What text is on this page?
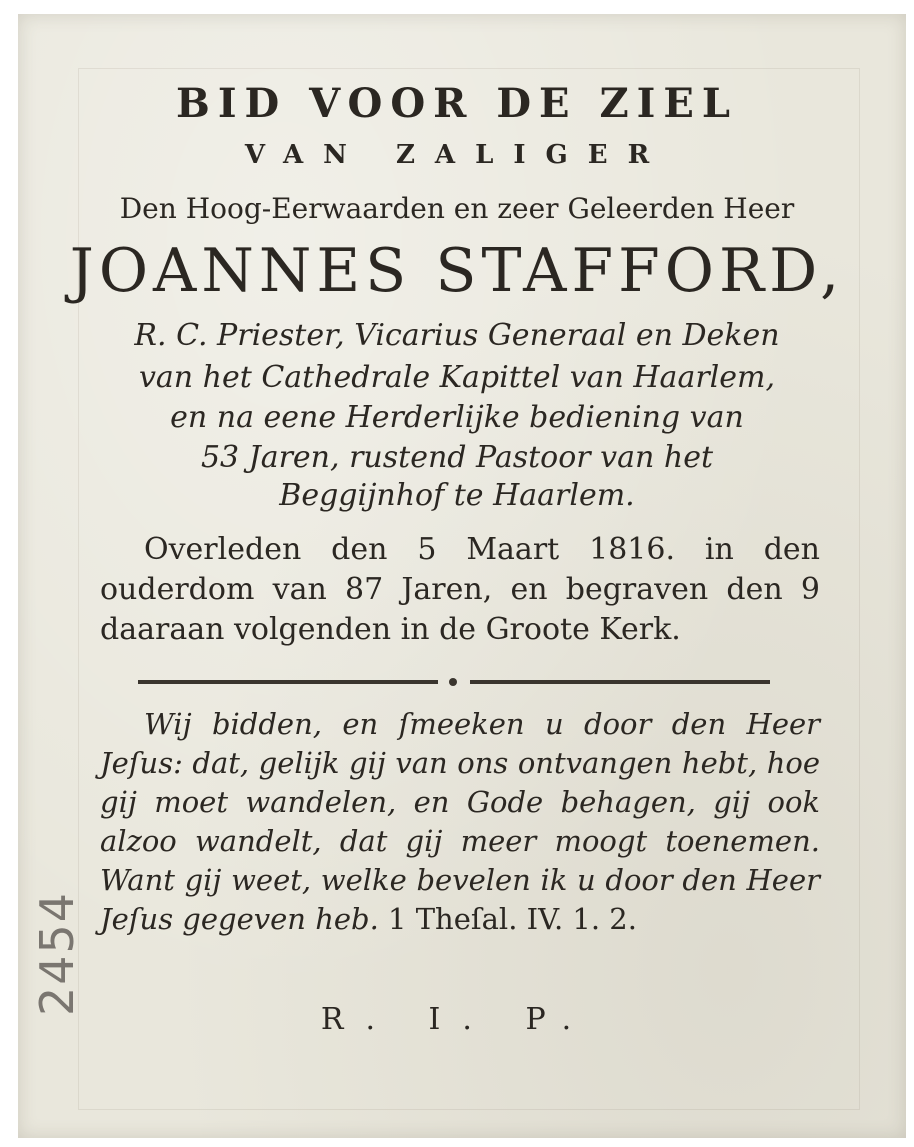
BID VOOR DE ZIEL
VAN ZALIGER
Den Hoog-Eerwaarden en zeer Geleerden Heer
JOANNES STAFFORD,
R. C. Priester, Vicarius Generaal en Deken
van het Cathedrale Kapittel van Haarlem,
en na eene Herderlijke bediening van
53 Jaren, rustend Pastoor van het
Beggijnhof te Haarlem.
Overleden den 5 Maart 1816. in den ouderdom van 87 Jaren, en begraven den 9 daaraan volgenden in de Groote Kerk.
Wij bidden, en ſmeeken u door den Heer Jeſus: dat, gelijk gij van ons ontvangen hebt, hoe gij moet wandelen, en Gode behagen, gij ook alzoo wandelt, dat gij meer moogt toenemen. Want gij weet, welke bevelen ik u door den Heer Jeſus gegeven heb. 1 Theſal. IV. 1. 2.
R. I. P.
2454
